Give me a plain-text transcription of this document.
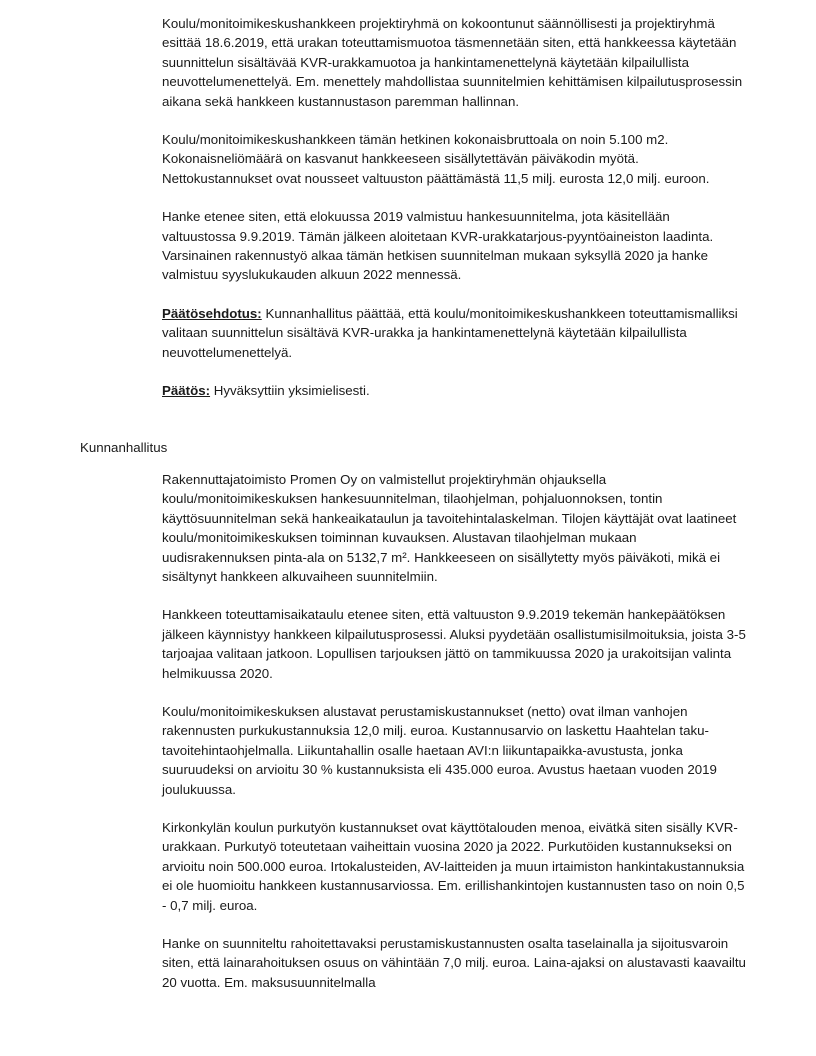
Koulu/monitoimikeskushankkeen projektiryhmä on kokoontunut säännöllisesti ja projektiryhmä esittää 18.6.2019, että urakan toteuttamismuotoa täsmennetään siten, että hankkeessa käytetään suunnittelun sisältävää KVR-urakkamuotoa ja hankintamenettelynä käytetään kilpailullista neuvottelumenettelyä. Em. menettely mahdollistaa suunnitelmien kehittämisen kilpailutusprosessin aikana sekä hankkeen kustannustason paremman hallinnan.

Koulu/monitoimikeskushankkeen tämän hetkinen kokonaisbruttoala on noin 5.100 m2. Kokonaisneliömäärä on kasvanut hankkeeseen sisällytettävän päiväkodin myötä. Nettokustannukset ovat nousseet valtuuston päättämästä 11,5 milj. eurosta 12,0 milj. euroon.

Hanke etenee siten, että elokuussa 2019 valmistuu hankesuunnitelma, jota käsitellään valtuustossa 9.9.2019. Tämän jälkeen aloitetaan KVR-urakkatarjous-pyyntöaineiston laadinta. Varsinainen rakennustyö alkaa tämän hetkisen suunnitelman mukaan syksyllä 2020 ja hanke valmistuu syyslukukauden alkuun 2022 mennessä.

Päätösehdotus: Kunnanhallitus päättää, että koulu/monitoimikeskushankkeen toteuttamismalliksi valitaan suunnittelun sisältävä KVR-urakka ja hankintamenettelynä käytetään kilpailullista neuvottelumenettelyä.

Päätös: Hyväksyttiin yksimielisesti.

Kunnanhallitus

Rakennuttajatoimisto Promen Oy on valmistellut projektiryhmän ohjauksella koulu/monitoimikeskuksen hankesuunnitelman, tilaohjelman, pohjaluonnoksen, tontin käyttösuunnitelman sekä hankeaikataulun ja tavoitehintalaskelman. Tilojen käyttäjät ovat laatineet koulu/monitoimikeskuksen toiminnan kuvauksen. Alustavan tilaohjelman mukaan uudisrakennuksen pinta-ala on 5132,7 m². Hankkeeseen on sisällytetty myös päiväkoti, mikä ei sisältynyt hankkeen alkuvaiheen suunnitelmiin.

Hankkeen toteuttamisaikataulu etenee siten, että valtuuston 9.9.2019 tekemän hankepäätöksen jälkeen käynnistyy hankkeen kilpailutusprosessi. Aluksi pyydetään osallistumisilmoituksia, joista 3-5 tarjoajaa valitaan jatkoon. Lopullisen tarjouksen jättö on tammikuussa 2020 ja urakoitsijan valinta helmikuussa 2020.

Koulu/monitoimikeskuksen alustavat perustamiskustannukset (netto) ovat ilman vanhojen rakennusten purkukustannuksia 12,0 milj. euroa. Kustannusarvio on laskettu Haahtelan taku-tavoitehintaohjelmalla. Liikuntahallin osalle haetaan AVI:n liikuntapaikka-avustusta, jonka suuruudeksi on arvioitu 30 % kustannuksista eli 435.000 euroa. Avustus haetaan vuoden 2019 joulukuussa.

Kirkonkylän koulun purkutyön kustannukset ovat käyttötalouden menoa, eivätkä siten sisälly KVR-urakkaan. Purkutyö toteutetaan vaiheittain vuosina 2020 ja 2022. Purkutöiden kustannukseksi on arvioitu noin 500.000 euroa. Irtokalusteiden, AV-laitteiden ja muun irtaimiston hankintakustannuksia ei ole huomioitu hankkeen kustannusarviossa. Em. erillishankintojen kustannusten taso on noin 0,5 - 0,7 milj. euroa.

Hanke on suunniteltu rahoitettavaksi perustamiskustannusten osalta taselainalla ja sijoitusvaroin siten, että lainarahoituksen osuus on vähintään 7,0 milj. euroa. Laina-ajaksi on alustavasti kaavailtu 20 vuotta. Em. maksusuunnitelmalla
